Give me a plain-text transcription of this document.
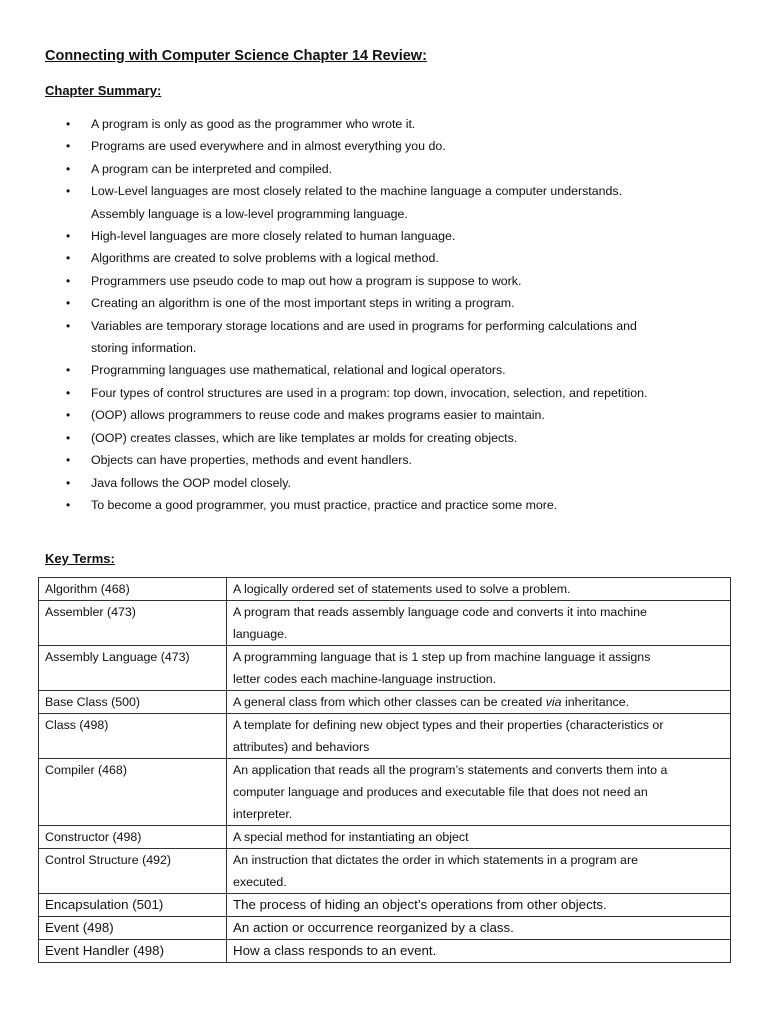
Connecting with Computer Science Chapter 14 Review:
Chapter Summary:
• A program is only as good as the programmer who wrote it.
• Programs are used everywhere and in almost everything you do.
• A program can be interpreted and compiled.
• Low-Level languages are most closely related to the machine language a computer understands.
Assembly language is a low-level programming language.
• High-level languages are more closely related to human language.
• Algorithms are created to solve problems with a logical method.
• Programmers use pseudo code to map out how a program is suppose to work.
• Creating an algorithm is one of the most important steps in writing a program.
• Variables are temporary storage locations and are used in programs for performing calculations and
storing information.
• Programming languages use mathematical, relational and logical operators.
• Four types of control structures are used in a program: top down, invocation, selection, and repetition.
• (OOP) allows programmers to reuse code and makes programs easier to maintain.
• (OOP) creates classes, which are like templates ar molds for creating objects.
• Objects can have properties, methods and event handlers.
• Java follows the OOP model closely.
• To become a good programmer, you must practice, practice and practice some more.
Key Terms:
Algorithm (468)	A logically ordered set of statements used to solve a problem.

Assembler (473)	A program that reads assembly language code and converts it into machine
language.

Assembly Language (473)	A programming language that is 1 step up from machine language it assigns
letter codes each machine-language instruction.

Base Class (500)	A general class from which other classes can be created via inheritance.

Class (498)	A template for defining new object types and their properties (characteristics or
attributes) and behaviors

Compiler (468)	An application that reads all the program’s statements and converts them into a
computer language and produces and executable file that does not need an
interpreter.

Constructor (498)	A special method for instantiating an object

Control Structure (492)	An instruction that dictates the order in which statements in a program are
executed.

Encapsulation (501)	The process of hiding an object’s operations from other objects.

Event (498)	An action or occurrence reorganized by a class.

Event Handler (498)	How a class responds to an event.
